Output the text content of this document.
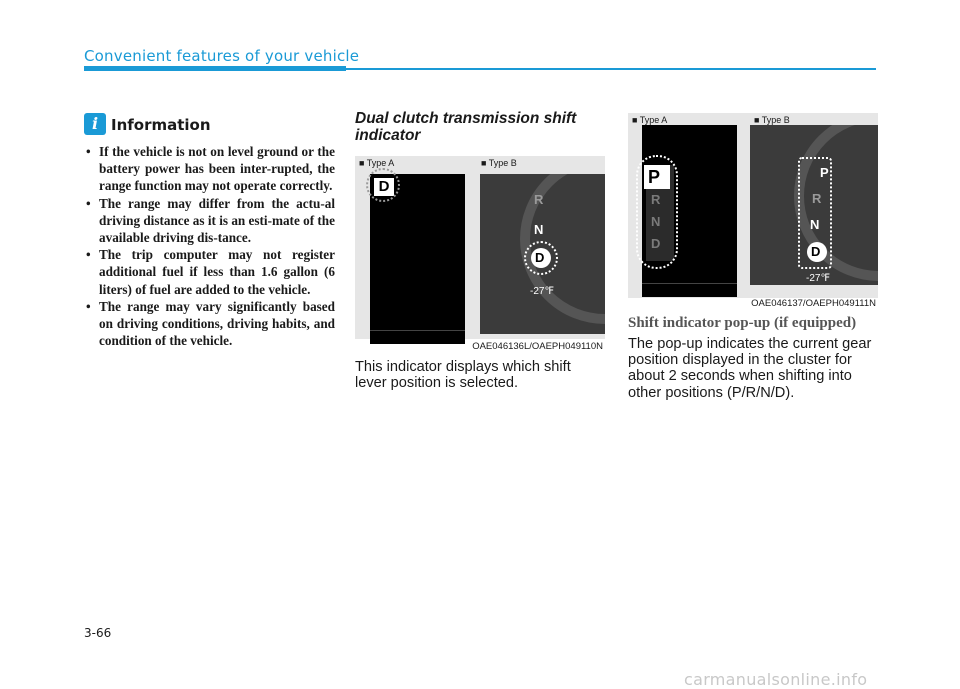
Convenient features of your vehicle
i Information
• If the vehicle is not on level ground or the battery power has been inter-rupted, the range function may not operate correctly.
• The range may differ from the actu-al driving distance as it is an esti-mate of the available driving dis-tance.
• The trip computer may not register additional fuel if less than 1.6 gallon (6 liters) of fuel are added to the vehicle.
• The range may vary significantly based on driving conditions, driving habits, and condition of the vehicle.
Dual clutch transmission shift indicator
■ Type A	■ Type B
D
R
N
D
-27℉
OAE046136L/OAEPH049110N
This indicator displays which shift lever position is selected.
■ Type A	■ Type B
P
R
N
D
P
R
N
D
-27℉
OAE046137/OAEPH049111N
Shift indicator pop-up (if equipped)
The pop-up indicates the current gear position displayed in the cluster for about 2 seconds when shifting into other positions (P/R/N/D).
3-66
carmanualsonline.info
